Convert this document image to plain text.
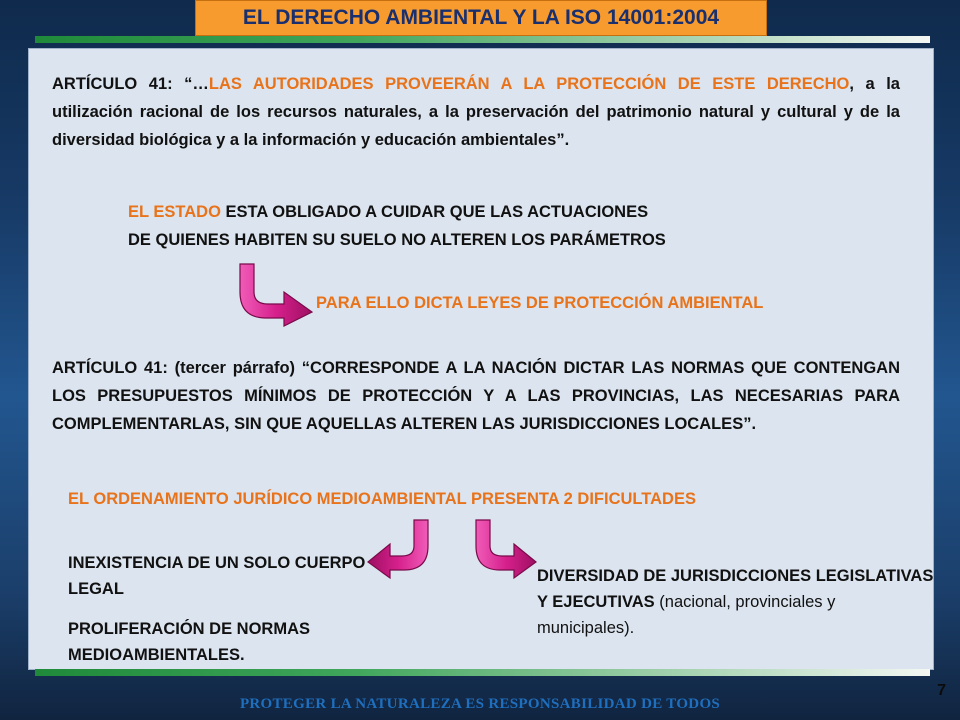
EL DERECHO AMBIENTAL Y LA ISO 14001:2004
ARTÍCULO 41: “…LAS AUTORIDADES PROVEERÁN A LA PROTECCIÓN DE ESTE DERECHO, a la utilización racional de los recursos naturales, a la preservación del patrimonio natural y cultural y de la diversidad biológica y a la información y educación ambientales”.
EL ESTADO ESTA OBLIGADO A CUIDAR QUE LAS ACTUACIONES
DE QUIENES HABITEN SU SUELO NO ALTEREN LOS PARÁMETROS
PARA ELLO DICTA LEYES DE PROTECCIÓN AMBIENTAL
ARTÍCULO 41: (tercer párrafo) “CORRESPONDE A LA NACIÓN DICTAR LAS NORMAS QUE CONTENGAN LOS PRESUPUESTOS MÍNIMOS DE PROTECCIÓN Y A LAS PROVINCIAS, LAS NECESARIAS PARA COMPLEMENTARLAS, SIN QUE AQUELLAS ALTEREN LAS JURISDICCIONES LOCALES”.
EL ORDENAMIENTO JURÍDICO MEDIOAMBIENTAL PRESENTA 2 DIFICULTADES
INEXISTENCIA DE UN SOLO CUERPO LEGAL
PROLIFERACIÓN DE NORMAS MEDIOAMBIENTALES.
DIVERSIDAD DE JURISDICCIONES LEGISLATIVAS Y EJECUTIVAS (nacional, provinciales y municipales).
7
PROTEGER LA NATURALEZA ES RESPONSABILIDAD DE TODOS
